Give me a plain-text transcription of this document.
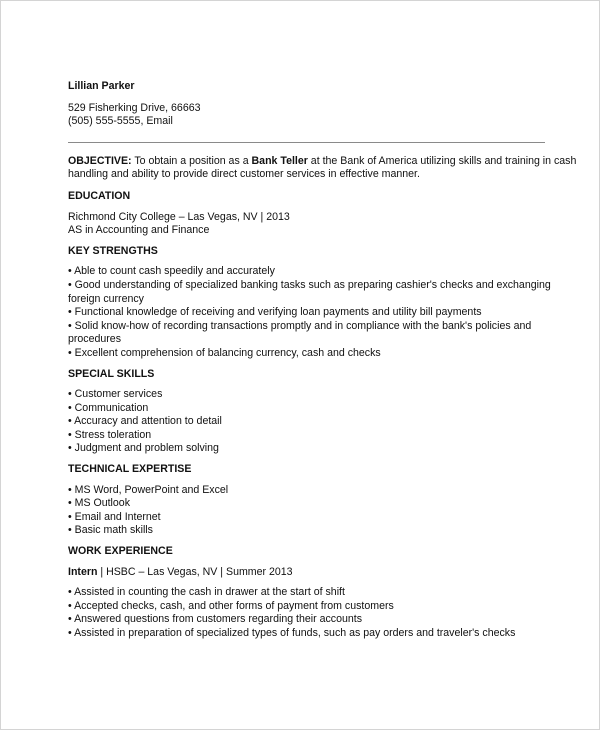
Lillian Parker

529 Fisherking Drive, 66663

(505) 555-5555, Email

OBJECTIVE: To obtain a position as a Bank Teller at the Bank of America utilizing skills and training in cash

handling and ability to provide direct customer services in effective manner.

EDUCATION

Richmond City College – Las Vegas, NV | 2013

AS in Accounting and Finance

KEY STRENGTHS

• Able to count cash speedily and accurately
• Good understanding of specialized banking tasks such as preparing cashier's checks and exchanging
foreign currency
• Functional knowledge of receiving and verifying loan payments and utility bill payments
• Solid know-how of recording transactions promptly and in compliance with the bank's policies and
procedures
• Excellent comprehension of balancing currency, cash and checks

SPECIAL SKILLS

• Customer services
• Communication
• Accuracy and attention to detail
• Stress toleration
• Judgment and problem solving

TECHNICAL EXPERTISE

• MS Word, PowerPoint and Excel
• MS Outlook
• Email and Internet
• Basic math skills

WORK EXPERIENCE

Intern | HSBC – Las Vegas, NV | Summer 2013

• Assisted in counting the cash in drawer at the start of shift
• Accepted checks, cash, and other forms of payment from customers
• Answered questions from customers regarding their accounts
• Assisted in preparation of specialized types of funds, such as pay orders and traveler's checks
